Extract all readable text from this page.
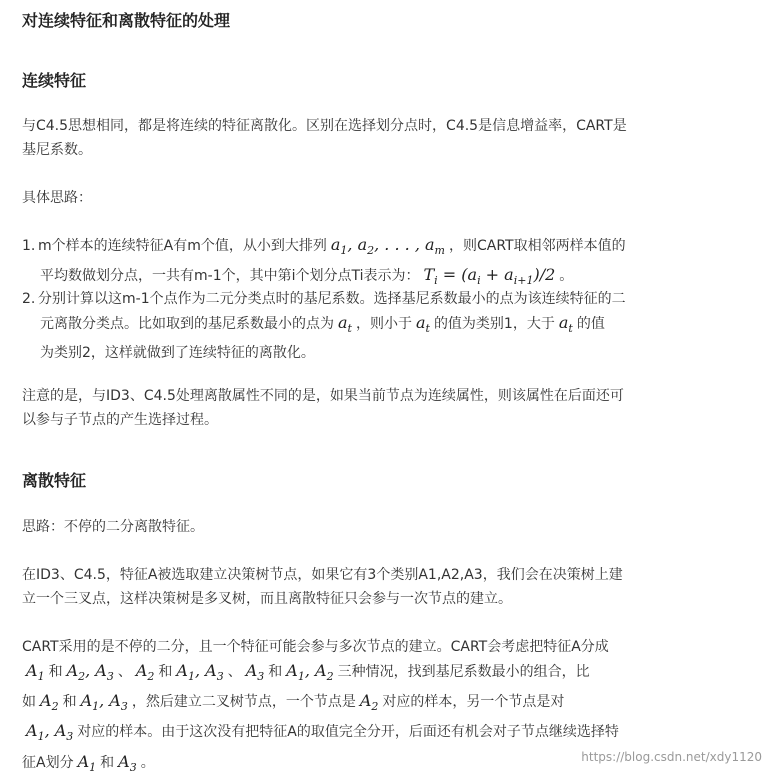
对连续特征和离散特征的处理
连续特征
与C4.5思想相同，都是将连续的特征离散化。区别在选择划分点时，C4.5是信息增益率，CART是
基尼系数。
具体思路：
1. m个样本的连续特征A有m个值，从小到大排列 $a_1$, $a_2$, . . . , $a_m$ ，则CART取相邻两样本值的
平均数做划分点，一共有m-1个，其中第i个划分点Ti表示为： $T_i = (a_i + a_{i+1})/2$ 。
2. 分别计算以这m-1个点作为二元分类点时的基尼系数。选择基尼系数最小的点为该连续特征的二
元离散分类点。比如取到的基尼系数最小的点为 $a_t$ ，则小于 $a_t$ 的值为类别1，大于 $a_t$ 的值
为类别2，这样就做到了连续特征的离散化。
注意的是，与ID3、C4.5处理离散属性不同的是，如果当前节点为连续属性，则该属性在后面还可
以参与子节点的产生选择过程。
离散特征
思路：不停的二分离散特征。
在ID3、C4.5，特征A被选取建立决策树节点，如果它有3个类别A1,A2,A3，我们会在决策树上建
立一个三叉点，这样决策树是多叉树，而且离散特征只会参与一次节点的建立。
CART采用的是不停的二分，且一个特征可能会参与多次节点的建立。CART会考虑把特征A分成
$A_1$ 和 $A_2$, $A_3$ 、 $A_2$ 和 $A_1$, $A_3$ 、 $A_3$ 和 $A_1$, $A_2$ 三种情况，找到基尼系数最小的组合，比
如 $A_2$ 和 $A_1$, $A_3$ ，然后建立二叉树节点，一个节点是 $A_2$ 对应的样本，另一个节点是对
$A_1$, $A_3$ 对应的样本。由于这次没有把特征A的取值完全分开，后面还有机会对子节点继续选择特
征A划分 $A_1$ 和 $A_3$ 。	https://blog.csdn.net/xdy1120
